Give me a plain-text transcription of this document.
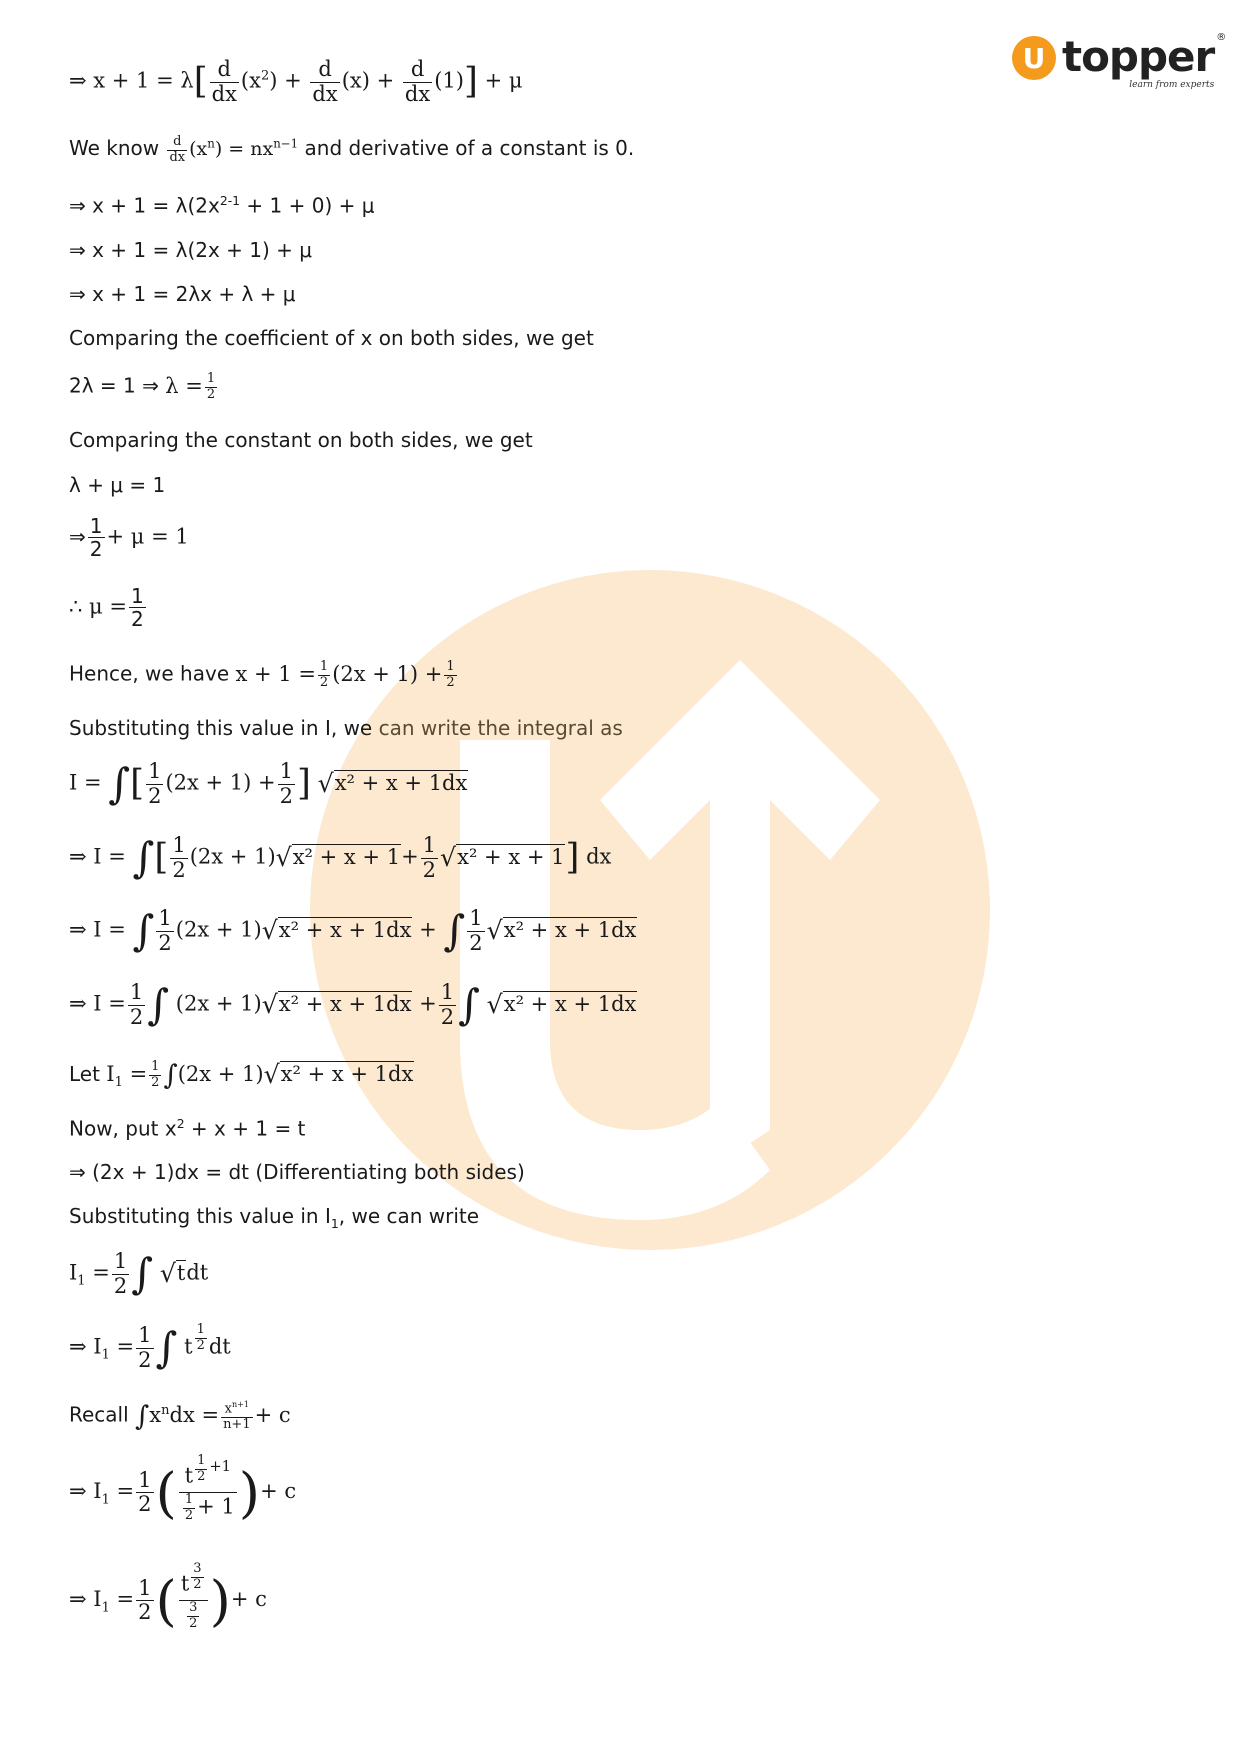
U topper ®
learn from experts
⇒ $x + 1 = \lambda[ \frac{d}{dx} (x^2) + \frac{d}{dx} (x) + \frac{d}{dx} (1)] + \mu$
We know $\frac{d}{dx} (x^n) = nx^{n-1}$ and derivative of a constant is 0.
⇒ $x + 1 = \lambda(2x^{2-1} + 1 + 0) + \mu$
⇒ x + 1 = λ(2x + 1) + μ
⇒ x + 1 = 2λx + λ + μ
Comparing the coefficient of x on both sides, we get
2λ = 1 ⇒ $\lambda = \frac{1}{2}$
Comparing the constant on both sides, we get
λ + μ = 1
⇒ $\frac{1}{2} + \mu = 1$
∴ $\mu = \frac{1}{2}$
Hence, we have $x + 1 = \frac{1}{2} (2x + 1) + \frac{1}{2}$
Substituting this value in I, we can write the integral as
I = ∫[ $\frac{1}{2} (2x + 1) + \frac{1}{2}$ ] √x² + x + 1dx
⇒ I = ∫[ $\frac{1}{2} (2x + 1)√x^2 + x + 1+ \frac{1}{2} √x^2 + x + 1$] dx
⇒ I = ∫ $\frac{1}{2} (2x + 1)√x^2 + x + 1dx$ + ∫ $\frac{1}{2} √x^2 + x + 1dx$
⇒ $I = \frac{1}{2}$ ∫ $(2x + 1)√x^2 + x + 1dx + \frac{1}{2}$ ∫ √x² + x + 1dx
Let $I_1 = \frac{1}{2} \int(2x + 1)√x^2 + x + 1dx$
Now, put $x^2 + x + 1 = t$
⇒ (2x + 1)dx = dt (Differentiating both sides)
Substituting this value in $I_1$, we can write
$I_1 = \frac{1}{2}$ ∫ √tdt
⇒ $I_1 = \frac{1}{2}$ ∫ t $\frac{1}{2}$ dt
Recall $\int x^ndx = \frac{x^{n+1}}{n+1} + c$
⇒ $I_1 = \frac{1}{2}$ ( $\frac{t \frac{1}{2} ^{+1}}{\frac{1}{2} + 1}$ )+ c
⇒ $I_1 = \frac{1}{2}$ ( $\frac{t \frac{3}{2}}{\frac{3}{2}}$ )+ c
